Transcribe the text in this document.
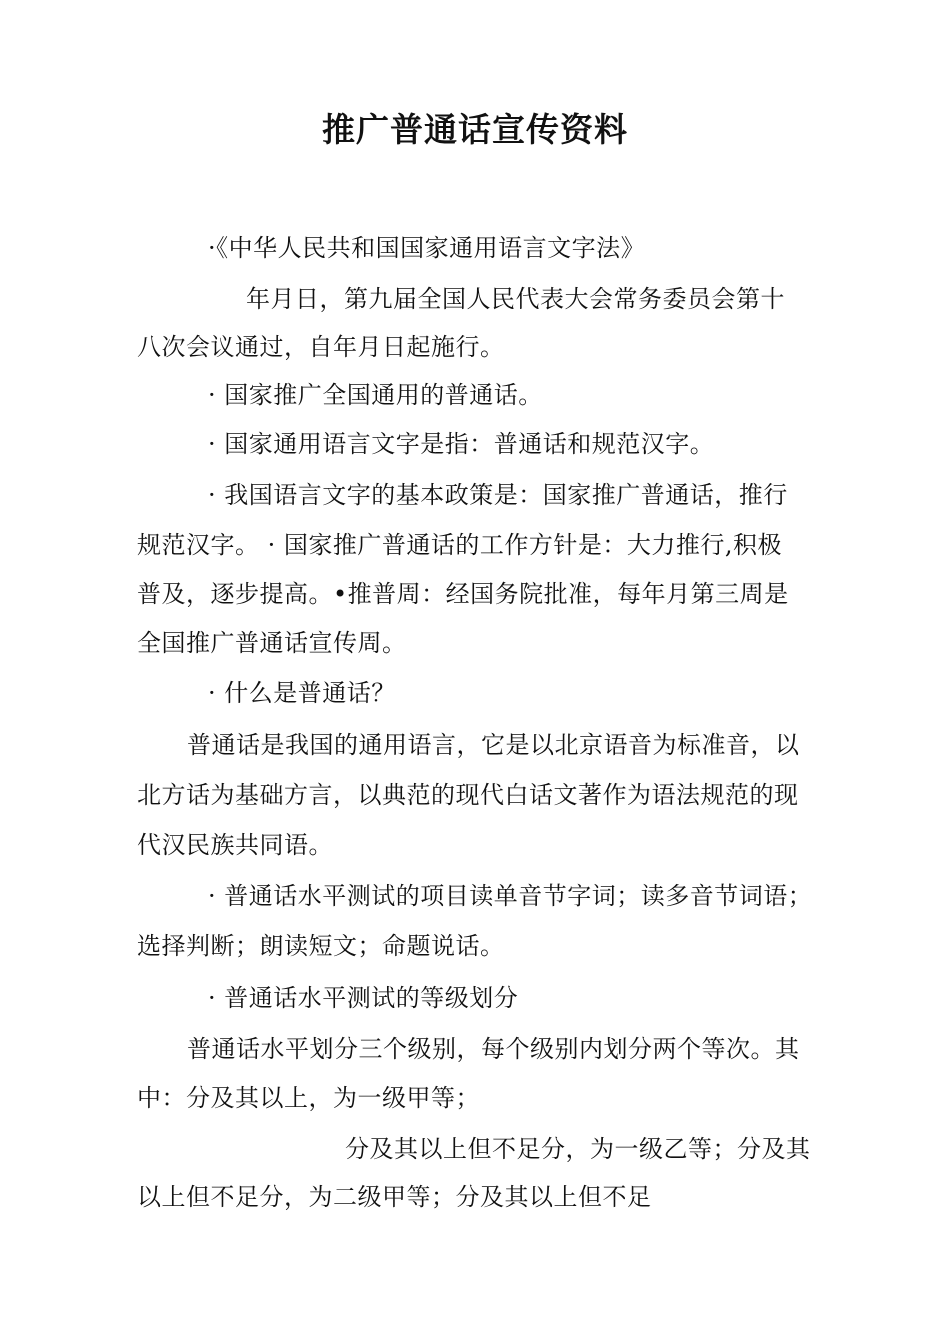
推广普通话宣传资料
·《中华人民共和国国家通用语言文字法》
年月日，第九届全国人民代表大会常务委员会第十
八次会议通过，自年月日起施行。
· 国家推广全国通用的普通话。
· 国家通用语言文字是指：普通话和规范汉字。
· 我国语言文字的基本政策是：国家推广普通话，推行
规范汉字。 · 国家推广普通话的工作方针是：大力推行,积极
普及，逐步提高。•推普周：经国务院批准，每年月第三周是
全国推广普通话宣传周。
· 什么是普通话？
普通话是我国的通用语言，它是以北京语音为标准音，以
北方话为基础方言，以典范的现代白话文著作为语法规范的现
代汉民族共同语。
· 普通话水平测试的项目读单音节字词；读多音节词语；
选择判断；朗读短文；命题说话。
· 普通话水平测试的等级划分
普通话水平划分三个级别，每个级别内划分两个等次。其
中：分及其以上，为一级甲等；
分及其以上但不足分，为一级乙等；分及其
以上但不足分，为二级甲等；分及其以上但不足
